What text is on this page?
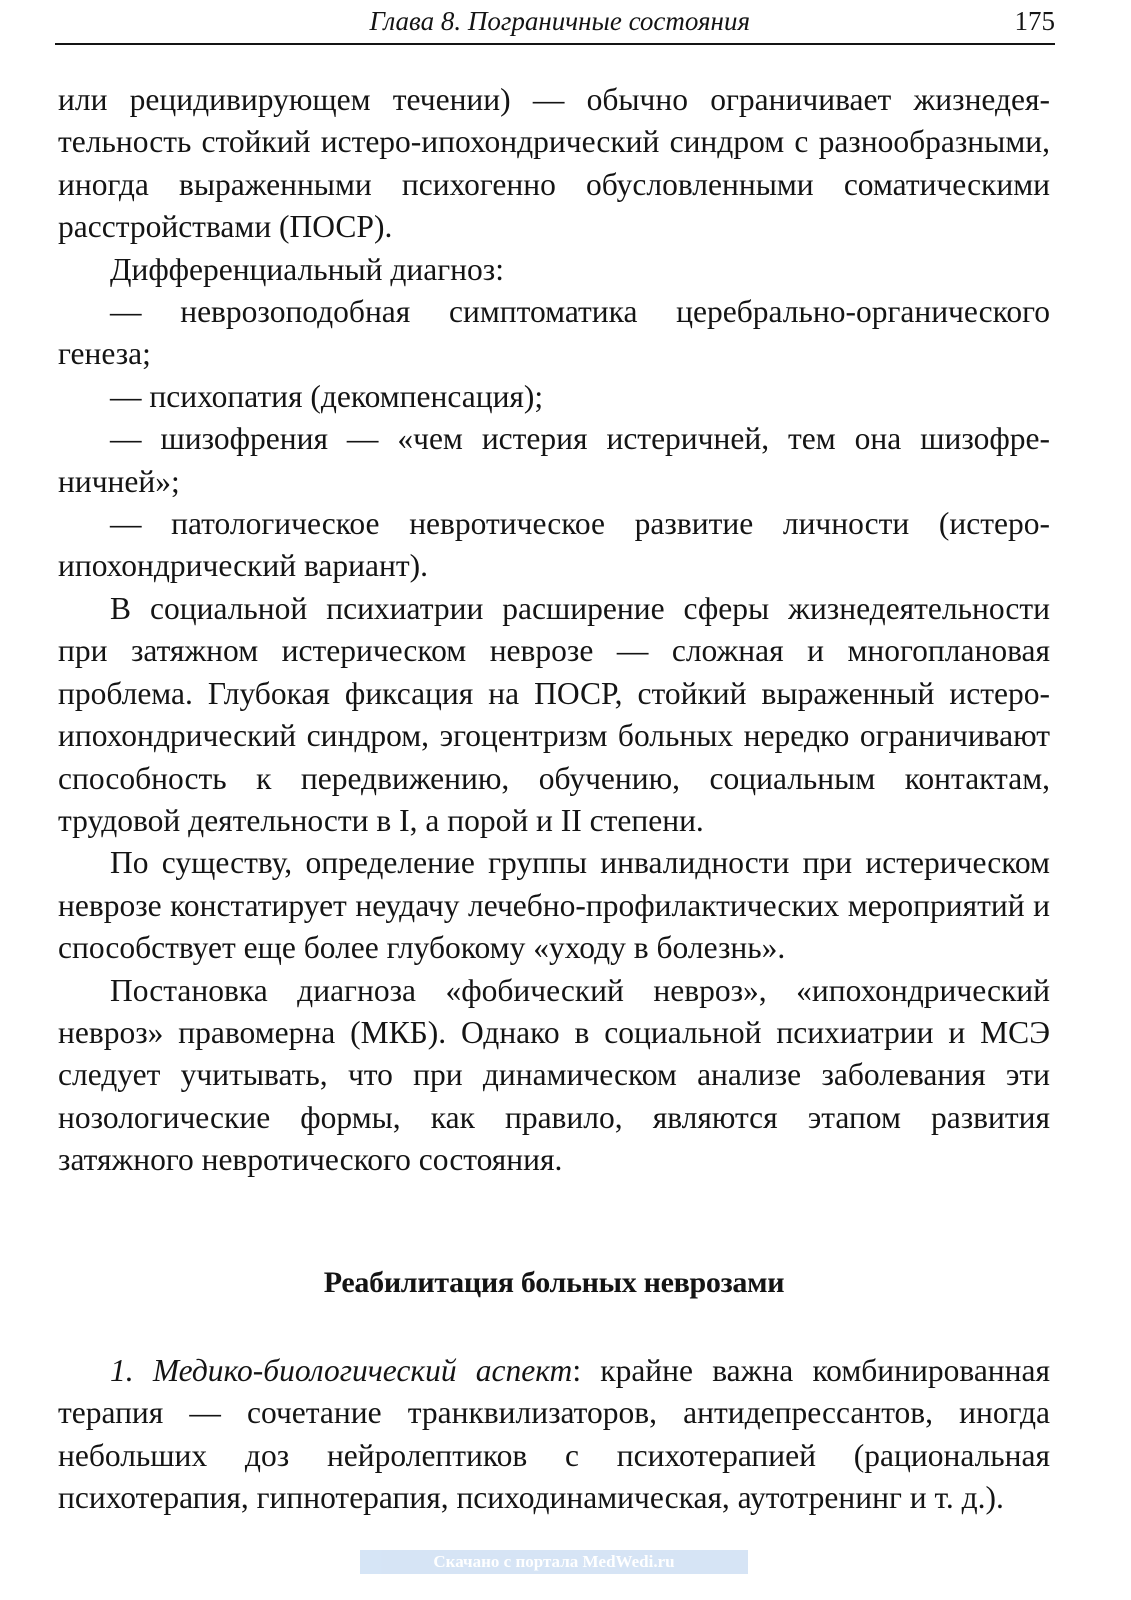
Глава 8. Пограничные состояния	175

или рецидивирующем течении) — обычно ограничивает жизнедеятельность стойкий истеро-ипохондрический синдром с разнообразными, иногда выраженными психогенно обусловленными соматическими расстройствами (ПОСР).

Дифференциальный диагноз:

— неврозоподобная симптоматика церебрально-органического генеза;

— психопатия (декомпенсация);

— шизофрения — «чем истерия истеричней, тем она шизофреничней»;

— патологическое невротическое развитие личности (истеро-ипохондрический вариант).

В социальной психиатрии расширение сферы жизнедеятельности при затяжном истерическом неврозе — сложная и многоплановая проблема. Глубокая фиксация на ПОСР, стойкий выраженный истеро-ипохондрический синдром, эгоцентризм больных нередко ограничивают способность к передвижению, обучению, социальным контактам, трудовой деятельности в I, а порой и II степени.

По существу, определение группы инвалидности при истерическом неврозе констатирует неудачу лечебно-профилактических мероприятий и способствует еще более глубокому «уходу в болезнь».

Постановка диагноза «фобический невроз», «ипохондрический невроз» правомерна (МКБ). Однако в социальной психиатрии и МСЭ следует учитывать, что при динамическом анализе заболевания эти нозологические формы, как правило, являются этапом развития затяжного невротического состояния.

Реабилитация больных неврозами

1. Медико-биологический аспект: крайне важна комбинированная терапия — сочетание транквилизаторов, антидепрессантов, иногда небольших доз нейролептиков с психотерапией (рациональная психотерапия, гипнотерапия, психодинамическая, аутотренинг и т. д.).

Скачано с портала MedWedi.ru
